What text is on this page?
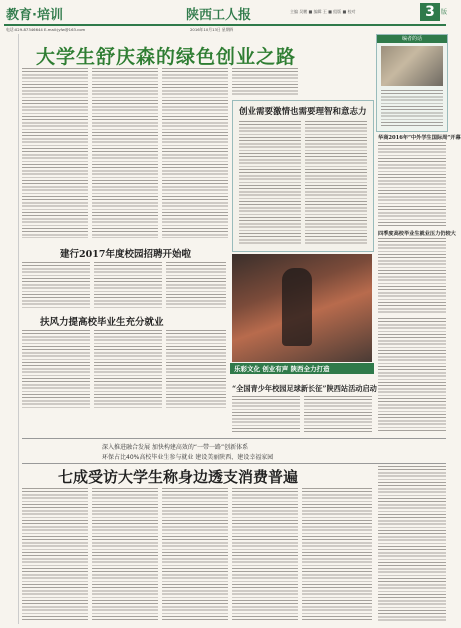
教育·培训	陕西工人报	主编 吴鹏 ■ 编辑 王 ■ 组版 ■ 校对	3	版
电话:029-87346644 E-mail:jyfw@163.com	2016年10月13日 星期四
大学生舒庆森的绿色创业之路
创业需要激情也需要理智和意志力
编者的话
华商2016年“中外学生国际周”开幕
四季度高校毕业生就业压力仍较大
建行2017年度校园招聘开始啦
乐彩文化 创业有声 陕西全力打造
扶风力提高校毕业生充分就业
“全国青少年校园足球新长征”陕西站活动启动
深入推进融合发展 加快构建高效的“一带一路”创新体系
环保占比40%高校毕业生参与就业 建设美丽陕西、建设幸福家园
七成受访大学生称身边透支消费普遍
